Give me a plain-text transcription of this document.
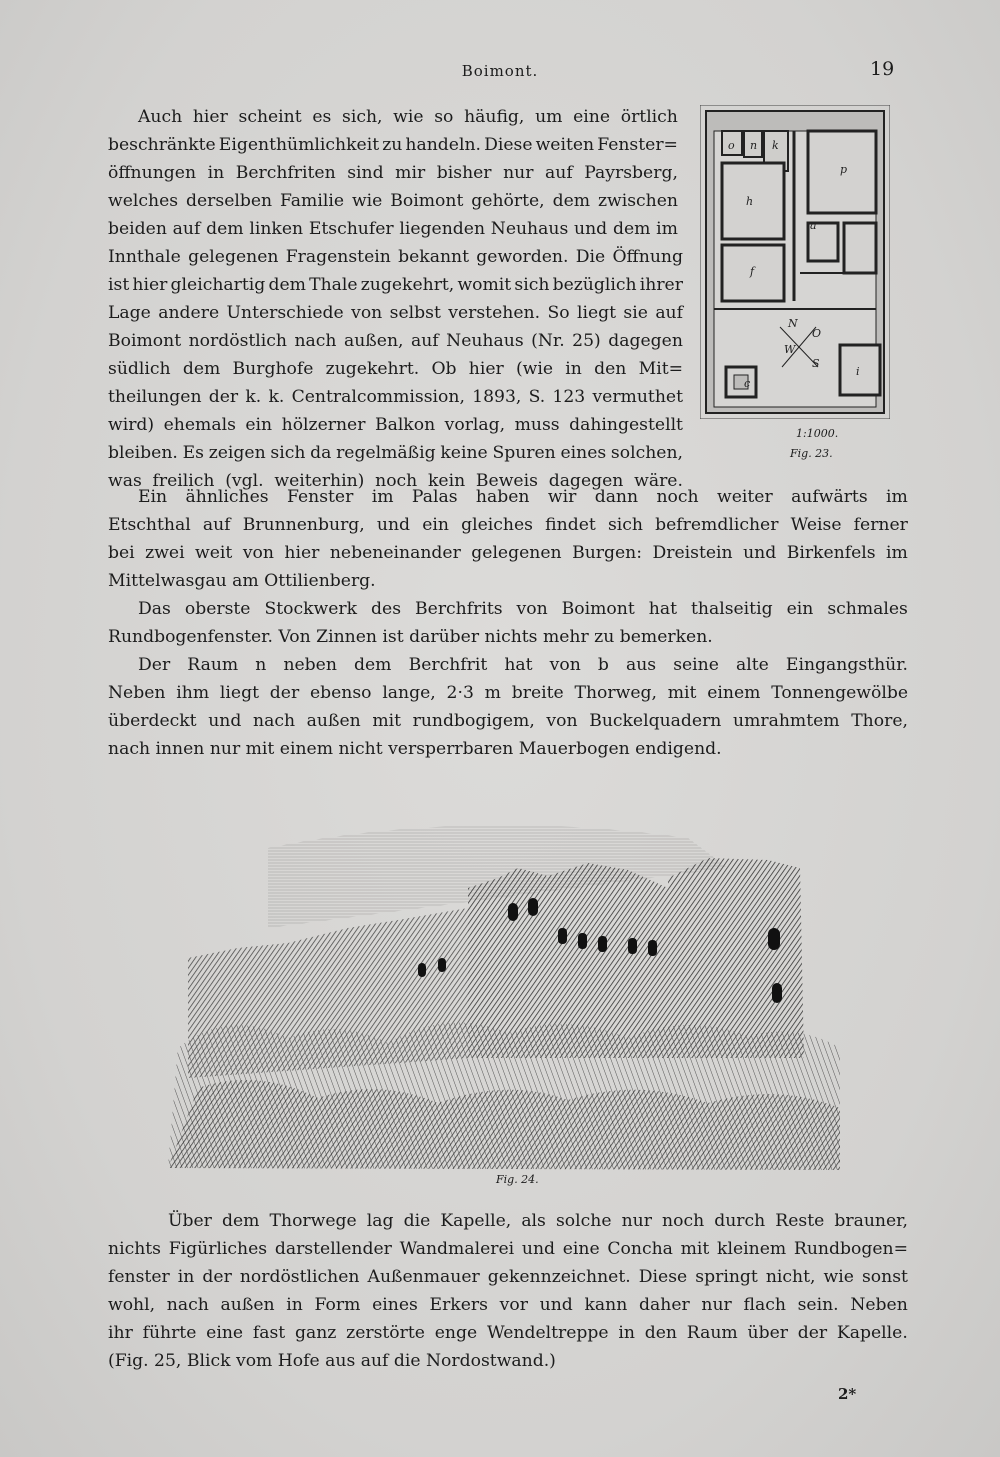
Boimont.	19
Auch hier scheint es sich, wie so häufig, um eine örtlich
beschränkte Eigenthümlichkeit zu handeln. Diese weiten Fenster=
öffnungen in Berchfriten sind mir bisher nur auf Payrsberg,
welches derselben Familie wie Boimont gehörte, dem zwischen
beiden auf dem linken Etschufer liegenden Neuhaus und dem im
Innthale gelegenen Fragenstein bekannt geworden. Die Öffnung
ist hier gleichartig dem Thale zugekehrt, womit sich bezüglich ihrer
Lage andere Unterschiede von selbst verstehen. So liegt sie auf
Boimont nordöstlich nach außen, auf Neuhaus (Nr. 25) dagegen
südlich dem Burghofe zugekehrt. Ob hier (wie in den Mit=
theilungen der k. k. Centralcommission, 1893, S. 123 vermuthet
wird) ehemals ein hölzerner Balkon vorlag, muss dahingestellt
bleiben. Es zeigen sich da regelmäßig keine Spuren eines solchen,
was freilich (vgl. weiterhin) noch kein Beweis dagegen wäre.
o n k
p
h
a
f
c
i
N
O
S
W
1:1000.
Fig. 23.
Ein ähnliches Fenster im Palas haben wir dann noch weiter aufwärts im
Etschthal auf Brunnenburg, und ein gleiches findet sich befremdlicher Weise ferner
bei zwei weit von hier nebeneinander gelegenen Burgen: Dreistein und Birkenfels im
Mittelwasgau am Ottilienberg.
Das oberste Stockwerk des Berchfrits von Boimont hat thalseitig ein schmales
Rundbogenfenster. Von Zinnen ist darüber nichts mehr zu bemerken.
Der Raum n neben dem Berchfrit hat von b aus seine alte Eingangsthür.
Neben ihm liegt der ebenso lange, 2·3 m breite Thorweg, mit einem Tonnengewölbe
überdeckt und nach außen mit rundbogigem, von Buckelquadern umrahmtem Thore,
nach innen nur mit einem nicht versperrbaren Mauerbogen endigend.
Fig. 24.
Über dem Thorwege lag die Kapelle, als solche nur noch durch Reste brauner,
nichts Figürliches darstellender Wandmalerei und eine Concha mit kleinem Rundbogen=
fenster in der nordöstlichen Außenmauer gekennzeichnet. Diese springt nicht, wie sonst
wohl, nach außen in Form eines Erkers vor und kann daher nur flach sein. Neben
ihr führte eine fast ganz zerstörte enge Wendeltreppe in den Raum über der Kapelle.
(Fig. 25, Blick vom Hofe aus auf die Nordostwand.)
2*
